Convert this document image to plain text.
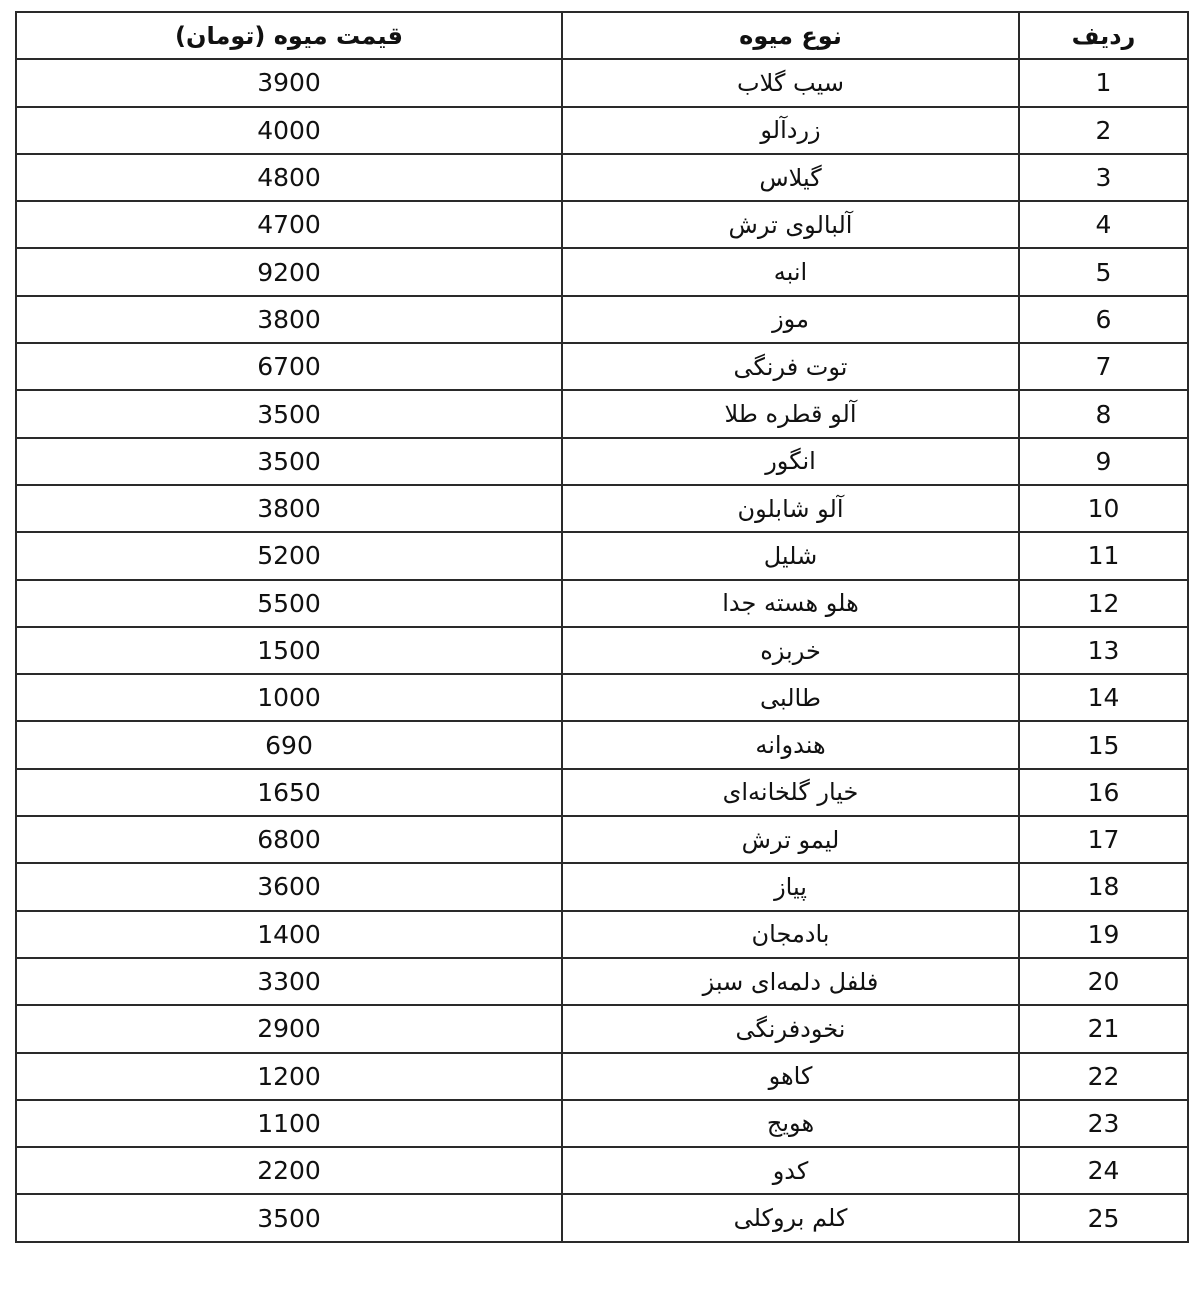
قیمت میوه (تومان)	نوع میوه	ردیف
3900	سیب گلاب	1
4000	زردآلو	2
4800	گیلاس	3
4700	آلبالوی ترش	4
9200	انبه	5
3800	موز	6
6700	توت فرنگی	7
3500	آلو قطره طلا	8
3500	انگور	9
3800	آلو شابلون	10
5200	شلیل	11
5500	هلو هسته جدا	12
1500	خربزه	13
1000	طالبی	14
690	هندوانه	15
1650	خیار گلخانه‌ای	16
6800	لیمو ترش	17
3600	پیاز	18
1400	بادمجان	19
3300	فلفل دلمه‌ای سبز	20
2900	نخودفرنگی	21
1200	کاهو	22
1100	هویج	23
2200	کدو	24
3500	کلم بروکلی	25
